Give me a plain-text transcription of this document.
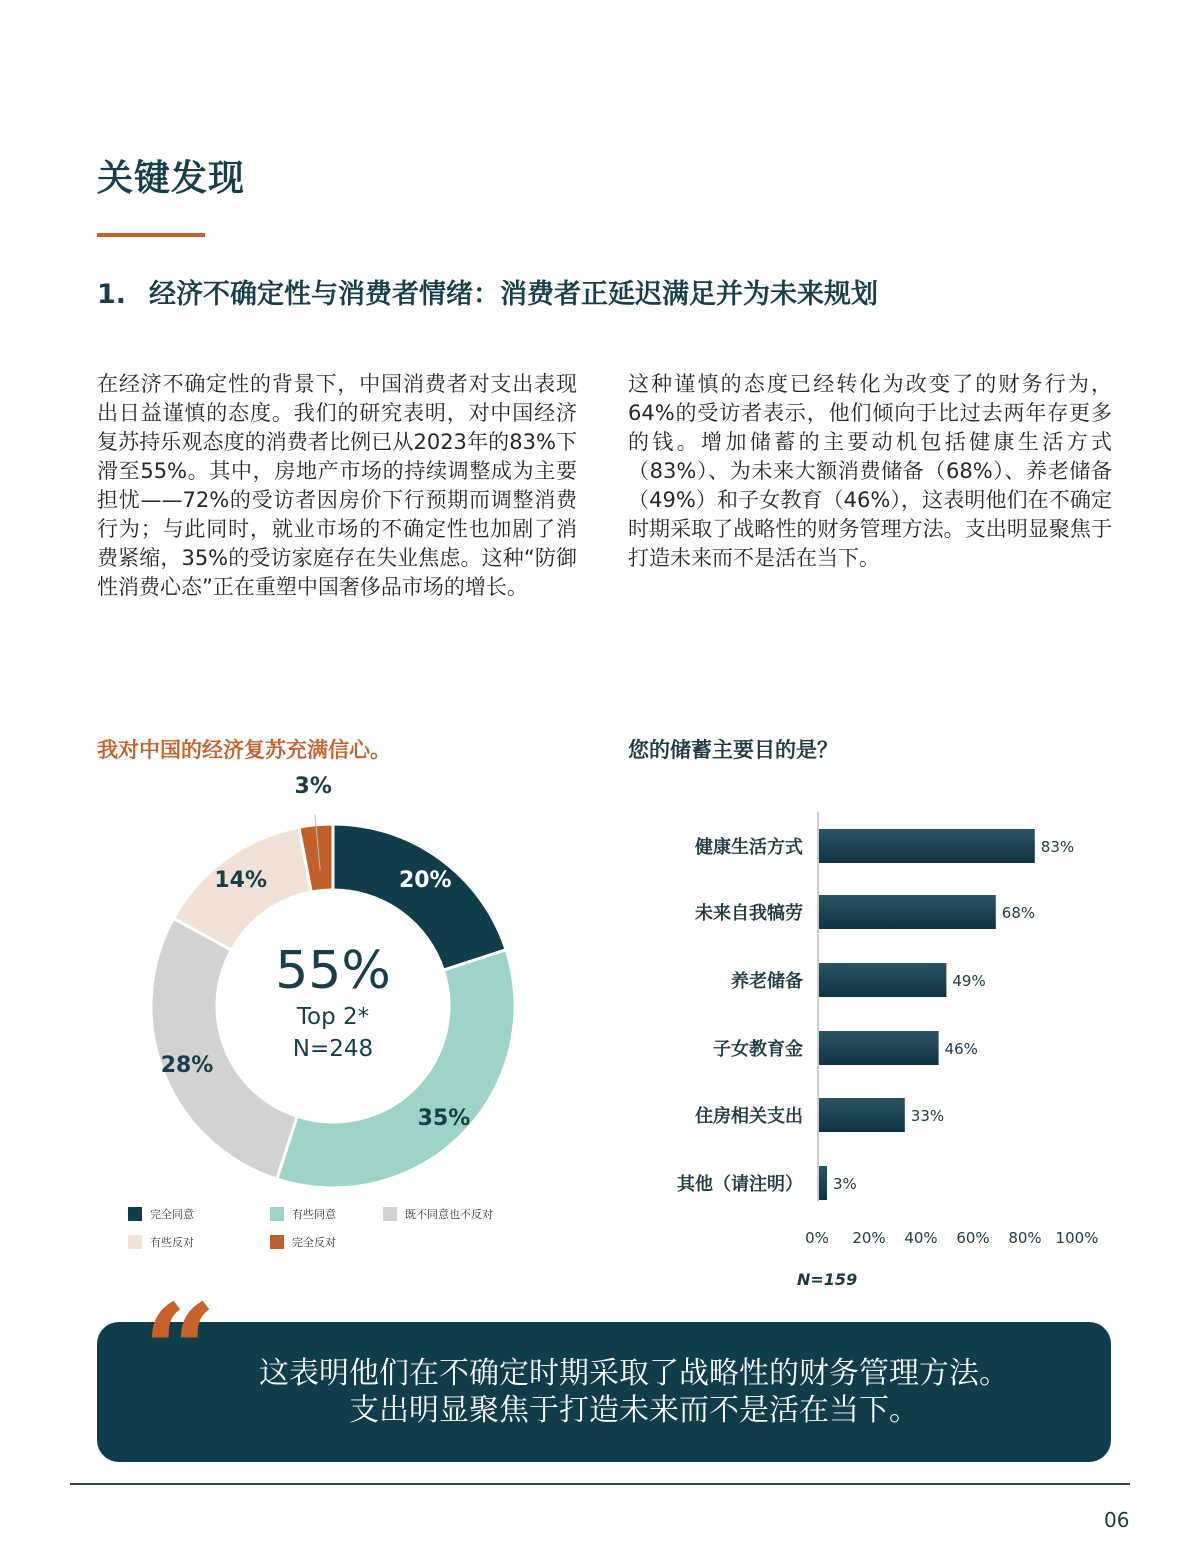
关键发现
1. 经济不确定性与消费者情绪：消费者正延迟满足并为未来规划
在经济不确定性的背景下，中国消费者对支出表现出日益谨慎的态度。我们的研究表明，对中国经济复苏持乐观态度的消费者比例已从2023年的83%下滑至55%。其中，房地产市场的持续调整成为主要担忧——72%的受访者因房价下行预期而调整消费行为；与此同时，就业市场的不确定性也加剧了消费紧缩，35%的受访家庭存在失业焦虑。这种“防御性消费心态”正在重塑中国奢侈品市场的增长。
这种谨慎的态度已经转化为改变了的财务行为，64%的受访者表示，他们倾向于比过去两年存更多的钱。增加储蓄的主要动机包括健康生活方式（83%）、为未来大额消费储备（68%）、养老储备（49%）和子女教育（46%），这表明他们在不确定时期采取了战略性的财务管理方法。支出明显聚焦于打造未来而不是活在当下。
我对中国的经济复苏充满信心。	您的储蓄主要目的是？
20%
35%
28%
14%
3%
55%
Top 2*
N=248
完全同意	有些同意	既不同意也不反对
有些反对	完全反对
健康生活方式	83%
未来自我犒劳	68%
养老储备	49%
子女教育金	46%
住房相关支出	33%
其他（请注明） 3%
0% 20% 40% 60% 80% 100%
N=159
这表明他们在不确定时期采取了战略性的财务管理方法。
支出明显聚焦于打造未来而不是活在当下。
“
06
